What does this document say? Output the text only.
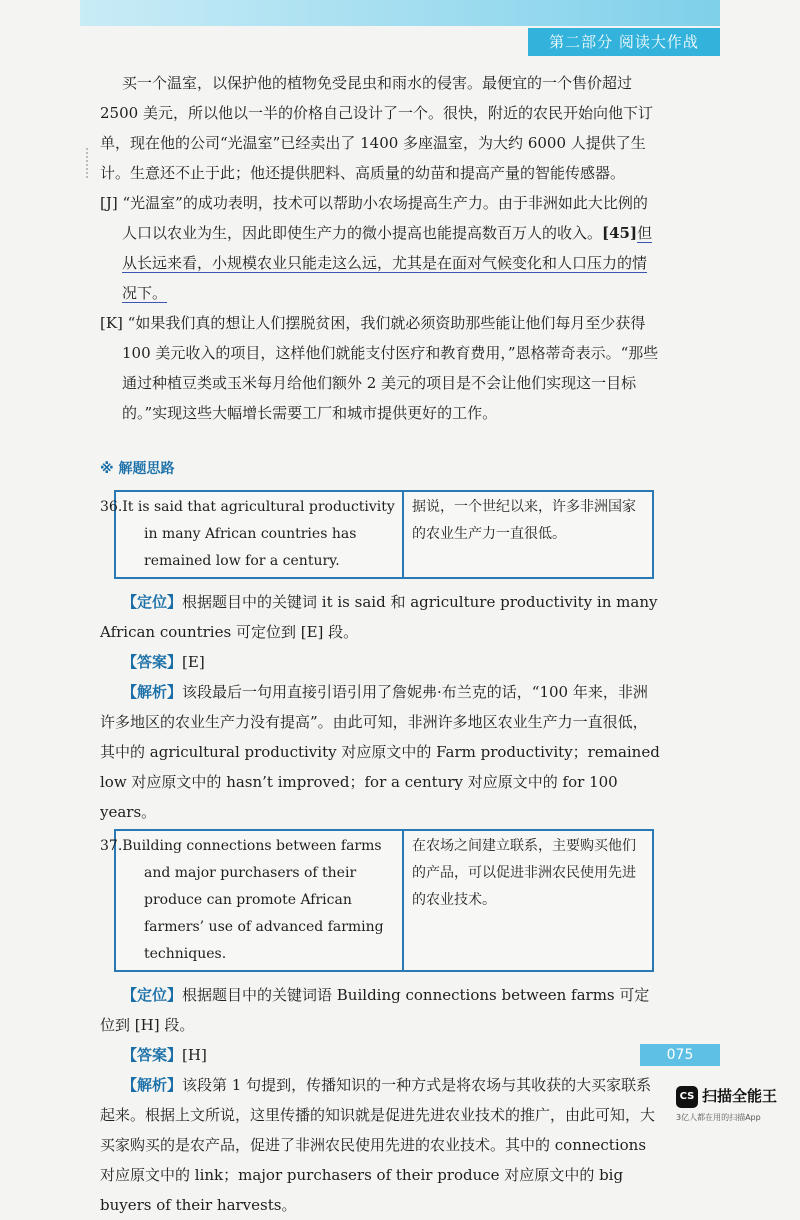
第二部分 阅读大作战

买一个温室，以保护他的植物免受昆虫和雨水的侵害。最便宜的一个售价超过 2500 美元，所以他以一半的价格自己设计了一个。很快，附近的农民开始向他下订单，现在他的公司“光温室”已经卖出了 1400 多座温室，为大约 6000 人提供了生计。生意还不止于此；他还提供肥料、高质量的幼苗和提高产量的智能传感器。

[J] “光温室”的成功表明，技术可以帮助小农场提高生产力。由于非洲如此大比例的人口以农业为生，因此即使生产力的微小提高也能提高数百万人的收入。[45]但从长远来看，小规模农业只能走这么远，尤其是在面对气候变化和人口压力的情况下。

[K] “如果我们真的想让人们摆脱贫困，我们就必须资助那些能让他们每月至少获得 100 美元收入的项目，这样他们就能支付医疗和教育费用，”恩格蒂奇表示。“那些通过种植豆类或玉米每月给他们额外 2 美元的项目是不会让他们实现这一目标的。”实现这些大幅增长需要工厂和城市提供更好的工作。

※ 解题思路
36.It is said that agricultural productivity in many African countries has remained low for a century.
据说，一个世纪以来，许多非洲国家的农业生产力一直很低。

【定位】根据题目中的关键词 it is said 和 agriculture productivity in many African countries 可定位到 [E] 段。

【答案】[E]

【解析】该段最后一句用直接引语引用了詹妮弗·布兰克的话，“100 年来，非洲许多地区的农业生产力没有提高”。由此可知，非洲许多地区农业生产力一直很低，其中的 agricultural productivity 对应原文中的 Farm productivity；remained low 对应原文中的 hasn’t improved；for a century 对应原文中的 for 100 years。

37.Building connections between farms and major purchasers of their produce can promote African farmers’ use of advanced farming techniques.
在农场之间建立联系，主要购买他们的产品，可以促进非洲农民使用先进的农业技术。

【定位】根据题目中的关键词语 Building connections between farms 可定位到 [H] 段。

【答案】[H]

【解析】该段第 1 句提到，传播知识的一种方式是将农场与其收获的大买家联系起来。根据上文所说，这里传播的知识就是促进先进农业技术的推广，由此可知，大买家购买的是农产品，促进了非洲农民使用先进的农业技术。其中的 connections 对应原文中的 link；major purchasers of their produce 对应原文中的 big buyers of their harvests。

075
CS 扫描全能王
3亿人都在用的扫描App
